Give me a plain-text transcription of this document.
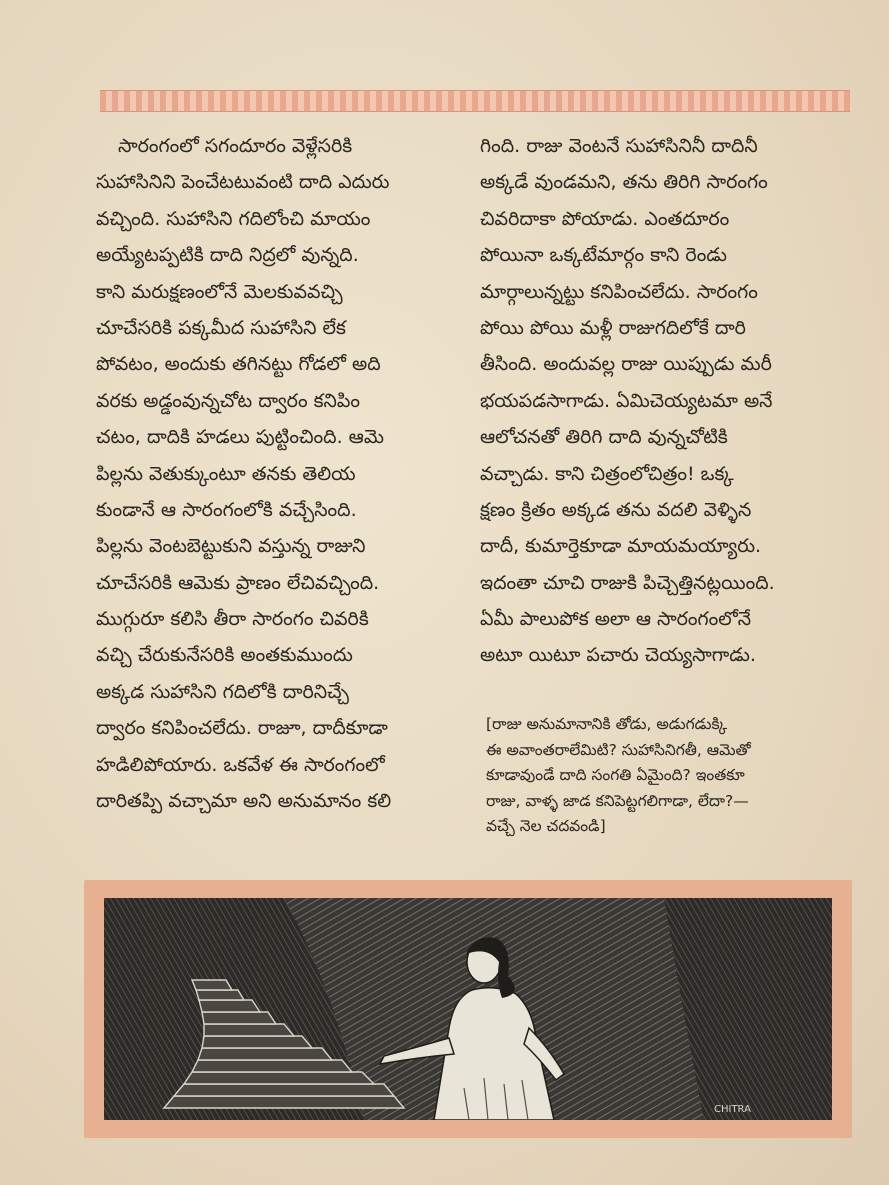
సారంగంలో సగందూరం వెళ్లేసరికి
సుహాసినిని పెంచేటటువంటి దాది ఎదురు
వచ్చింది. సుహాసిని గదిలోంచి మాయం
అయ్యేటప్పటికి దాది నిద్రలో వున్నది.
కాని మరుక్షణంలోనే మెలకువవచ్చి
చూచేసరికి పక్కమీద సుహాసిని లేక
పోవటం, అందుకు తగినట్టు గోడలో అది
వరకు అడ్డంవున్నచోట ద్వారం కనిపిం
చటం, దాదికి హడలు పుట్టించింది. ఆమె
పిల్లను వెతుక్కుంటూ తనకు తెలియ
కుండానే ఆ సారంగంలోకి వచ్చేసింది.
పిల్లను వెంటబెట్టుకుని వస్తున్న రాజుని
చూచేసరికి ఆమెకు ప్రాణం లేచివచ్చింది.
ముగ్గురూ కలిసి తీరా సారంగం చివరికి
వచ్చి చేరుకునేసరికి అంతకుముందు
అక్కడ సుహాసిని గదిలోకి దారినిచ్చే
ద్వారం కనిపించలేదు. రాజూ, దాదీకూడా
హడిలిపోయారు. ఒకవేళ ఈ సారంగంలో
దారితప్పి వచ్చామా అని అనుమానం కలి
గింది. రాజు వెంటనే సుహాసినినీ దాదినీ
అక్కడే వుండమని, తను తిరిగి సారంగం
చివరిదాకా పోయాడు. ఎంతదూరం
పోయినా ఒక్కటేమార్గం కాని రెండు
మార్గాలున్నట్టు కనిపించలేదు. సారంగం
పోయి పోయి మళ్లీ రాజుగదిలోకే దారి
తీసింది. అందువల్ల రాజు యిప్పుడు మరీ
భయపడసాగాడు. ఏమిచెయ్యటమా అనే
ఆలోచనతో తిరిగి దాది వున్నచోటికి
వచ్చాడు. కాని చిత్రంలోచిత్రం! ఒక్క
క్షణం క్రితం అక్కడ తను వదలి వెళ్ళిన
దాదీ, కుమార్తెకూడా మాయమయ్యారు.
ఇదంతా చూచి రాజుకి పిచ్చెత్తినట్లయింది.
ఏమీ పాలుపోక అలా ఆ సారంగంలోనే
అటూ యిటూ పచారు చెయ్యసాగాడు.
[రాజు అనుమానానికి తోడు, అడుగడుక్కి
ఈ అవాంతరాలేమిటి? సుహాసినిగతీ, ఆమెతో
కూడావుండే దాది సంగతి ఏమైంది? ఇంతకూ
రాజు, వాళ్ళ జాడ కనిపెట్టగలిగాడా, లేదా?—
వచ్చే నెల చదవండి]
CHITRA
